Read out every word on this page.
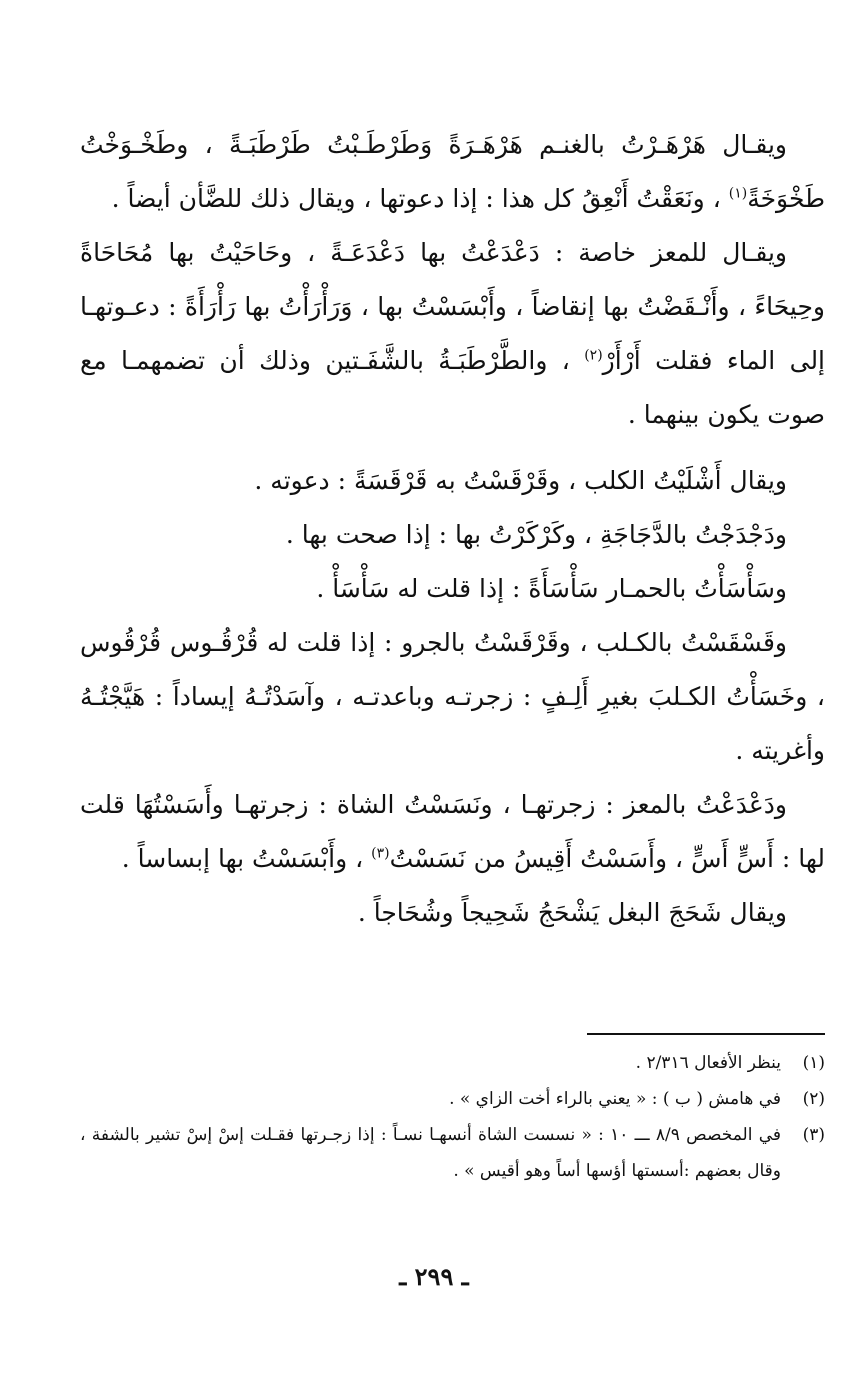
ويقـال هَرْهَـرْتُ بالغنـم هَرْهَـرَةً وَطَرْطَـبْتُ طَرْطَبَـةً ، وطَخْـوَخْتُ طَخْوَخَةً$^{(١)}$ ، ونَعَقْتُ أَنْعِقُ كل هذا : إذا دعوتها ، ويقال ذلك للضَّأن أيضاً .

ويقـال للمعز خاصة : دَعْدَعْتُ بها دَعْدَعَـةً ، وحَاحَيْتُ بها مُحَاحَاةً وحِيحَاءً ، وأَنْـقَضْتُ بها إنقاضاً ، وأَبْسَسْتُ بها ، وَرَأْرَأْتُ بها رَأْرَأَةً : دعـوتهـا إلى الماء فقلت أَرْأَرْ$^{(٢)}$ ، والطَّرْطَبَـةُ بالشَّفَـتين وذلك أن تضمهمـا مع صوت يكون بينهما .

ويقال أَشْلَيْتُ الكلب ، وقَرْقَسْتُ به قَرْقَسَةً : دعوته .

ودَجْدَجْتُ بالدَّجَاجَةِ ، وكَرْكَرْتُ بها : إذا صحت بها .

وسَأْسَأْتُ بالحمـار سَأْسَأَةً : إذا قلت له سَأْسَأْ .

وقَسْقَسْتُ بالكـلب ، وقَرْقَسْتُ بالجرو : إذا قلت له قُرْقُـوس قُرْقُوس ، وخَسَأْتُ الكـلبَ بغيرِ أَلِـفٍ : زجرتـه وباعدتـه ، وآسَدْتُـهُ إيساداً : هَيَّجْتُـهُ وأغريته .

ودَعْدَعْتُ بالمعز : زجرتهـا ، ونَسَسْتُ الشاة : زجرتهـا وأَسَسْتُهَا قلت لها : أَسٍّ أَسٍّ ، وأَسَسْتُ أَقِيسُ من نَسَسْتُ$^{(٣)}$ ، وأَبْسَسْتُ بها إبساساً .

ويقال شَحَجَ البغل يَشْحَجُ شَحِيجاً وشُحَاجاً .

(١)
ينظر الأفعال ٢/٣١٦ .
(٢)
في هامش ( ب ) : « يعني بالراء أخت الزاي » .
(٣)
في المخصص ٨/٩ ـــ ١٠ : « نسست الشاة أنسهـا نسـاً : إذا زجـرتها فقـلت إسْ إسْ تشير بالشفة ، وقال بعضهم :أسستها أؤسها أساً وهو أقيس » .
ـ ٢٩٩ ـ
